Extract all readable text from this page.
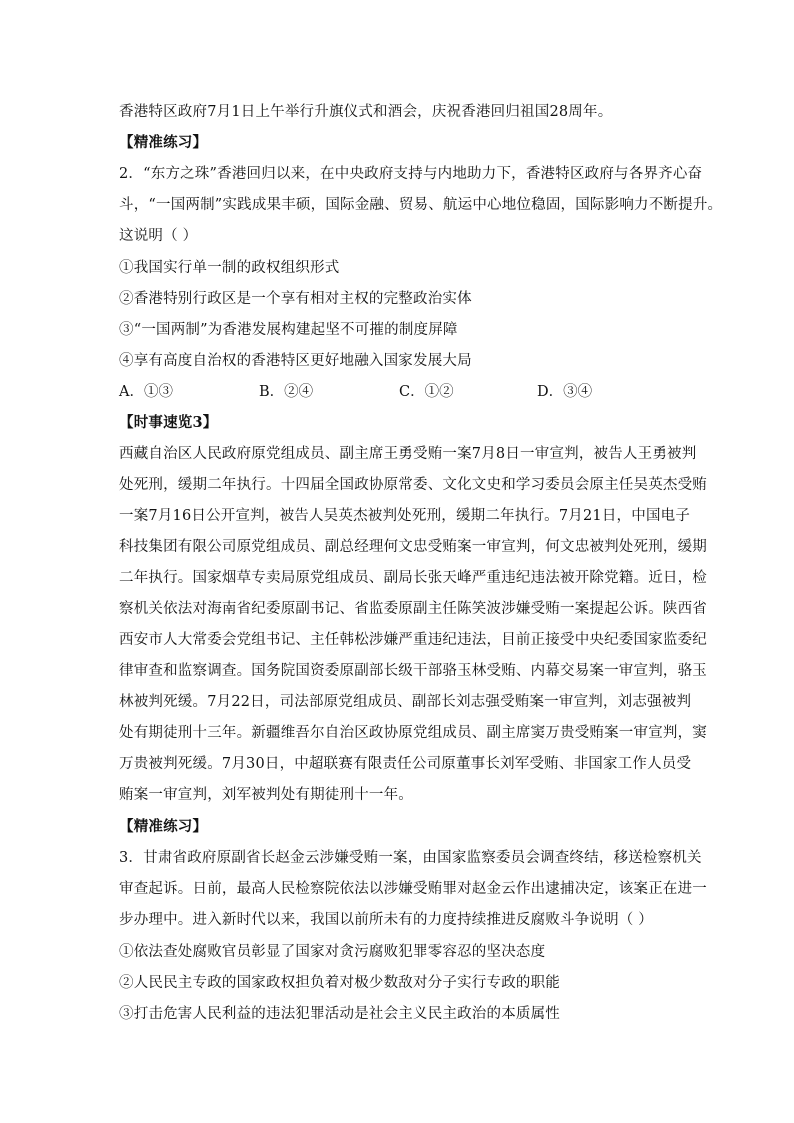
香港特区政府7月1日上午举行升旗仪式和酒会，庆祝香港回归祖国28周年。
【精准练习】
2．“东方之珠”香港回归以来，在中央政府支持与内地助力下，香港特区政府与各界齐心奋
斗，“一国两制”实践成果丰硕，国际金融、贸易、航运中心地位稳固，国际影响力不断提升。
这说明（ ）
①我国实行单一制的政权组织形式
②香港特别行政区是一个享有相对主权的完整政治实体
③“一国两制”为香港发展构建起坚不可摧的制度屏障
④享有高度自治权的香港特区更好地融入国家发展大局
A．①③	B．②④	C．①②	D．③④
【时事速览3】
西藏自治区人民政府原党组成员、副主席王勇受贿一案7月8日一审宣判，被告人王勇被判
处死刑，缓期二年执行。十四届全国政协原常委、文化文史和学习委员会原主任吴英杰受贿
一案7月16日公开宣判，被告人吴英杰被判处死刑，缓期二年执行。7月21日，中国电子
科技集团有限公司原党组成员、副总经理何文忠受贿案一审宣判，何文忠被判处死刑，缓期
二年执行。国家烟草专卖局原党组成员、副局长张天峰严重违纪违法被开除党籍。近日，检
察机关依法对海南省纪委原副书记、省监委原副主任陈笑波涉嫌受贿一案提起公诉。陕西省
西安市人大常委会党组书记、主任韩松涉嫌严重违纪违法，目前正接受中央纪委国家监委纪
律审查和监察调查。国务院国资委原副部长级干部骆玉林受贿、内幕交易案一审宣判，骆玉
林被判死缓。7月22日，司法部原党组成员、副部长刘志强受贿案一审宣判，刘志强被判
处有期徒刑十三年。新疆维吾尔自治区政协原党组成员、副主席窦万贵受贿案一审宣判，窦
万贵被判死缓。7月30日，中超联赛有限责任公司原董事长刘军受贿、非国家工作人员受
贿案一审宣判，刘军被判处有期徒刑十一年。
【精准练习】
3．甘肃省政府原副省长赵金云涉嫌受贿一案，由国家监察委员会调查终结，移送检察机关
审查起诉。日前，最高人民检察院依法以涉嫌受贿罪对赵金云作出逮捕决定，该案正在进一
步办理中。进入新时代以来，我国以前所未有的力度持续推进反腐败斗争说明（ ）
①依法查处腐败官员彰显了国家对贪污腐败犯罪零容忍的坚决态度
②人民民主专政的国家政权担负着对极少数敌对分子实行专政的职能
③打击危害人民利益的违法犯罪活动是社会主义民主政治的本质属性
